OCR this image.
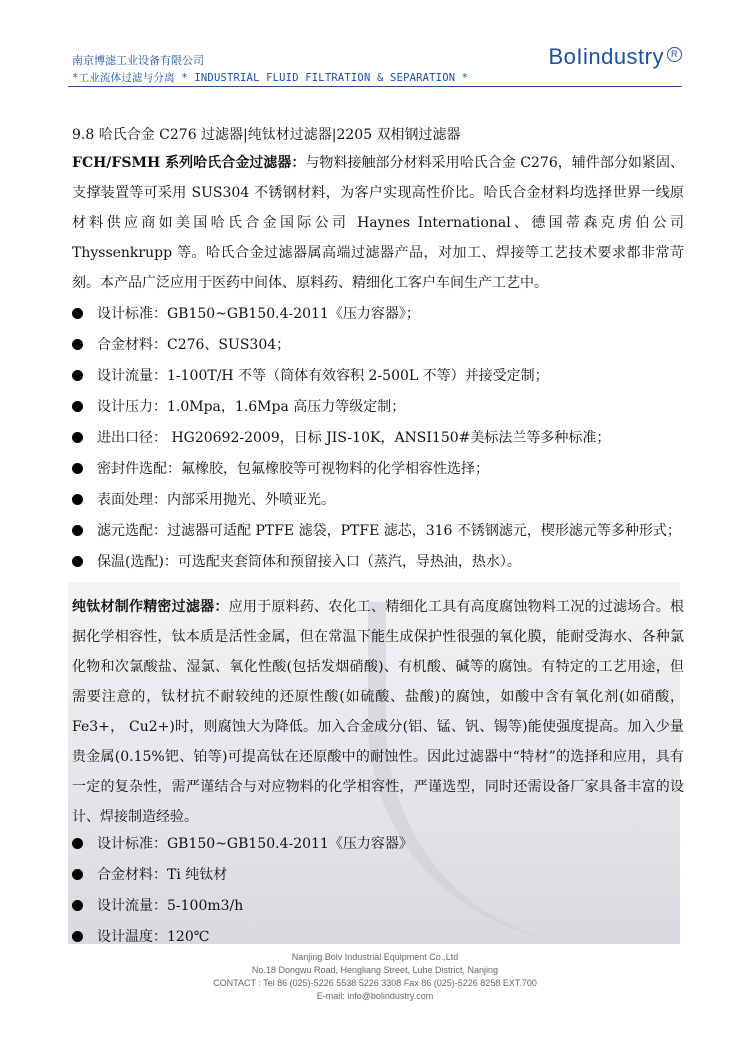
南京博滤工业设备有限公司
*工业流体过滤与分离 * INDUSTRIAL FLUID FILTRATION & SEPARATION *
BoIindustry R
9.8 哈氏合金 C276 过滤器|纯钛材过滤器|2205 双相钢过滤器
FCH/FSMH 系列哈氏合金过滤器：与物料接触部分材料采用哈氏合金 C276，辅件部分如紧固、支撑装置等可采用 SUS304 不锈钢材料，为客户实现高性价比。哈氏合金材料均选择世界一线原材料供应商如美国哈氏合金国际公司 Haynes International、德国蒂森克虏伯公司 Thyssenkrupp 等。哈氏合金过滤器属高端过滤器产品，对加工、焊接等工艺技术要求都非常苛刻。本产品广泛应用于医药中间体、原料药、精细化工客户车间生产工艺中。
设计标准：GB150~GB150.4-2011《压力容器》；
合金材料：C276、SUS304；
设计流量：1-100T/H 不等（筒体有效容积 2-500L 不等）并接受定制；
设计压力：1.0Mpa，1.6Mpa 高压力等级定制；
进出口径： HG20692-2009，日标 JIS-10K，ANSI150#美标法兰等多种标准；
密封件选配：氟橡胶，包氟橡胶等可视物料的化学相容性选择；
表面处理：内部采用抛光、外喷亚光。
滤元选配：过滤器可适配 PTFE 滤袋，PTFE 滤芯，316 不锈钢滤元，楔形滤元等多种形式；
保温(选配)：可选配夹套筒体和预留接入口（蒸汽，导热油，热水）。
纯钛材制作精密过滤器：应用于原料药、农化工、精细化工具有高度腐蚀物料工况的过滤场合。根据化学相容性，钛本质是活性金属，但在常温下能生成保护性很强的氧化膜，能耐受海水、各种氯化物和次氯酸盐、湿氯、氧化性酸(包括发烟硝酸)、有机酸、碱等的腐蚀。有特定的工艺用途，但需要注意的，钛材抗不耐较纯的还原性酸(如硫酸、盐酸)的腐蚀，如酸中含有氧化剂(如硝酸，Fe3+， Cu2+)时，则腐蚀大为降低。加入合金成分(铝、锰、钒、锡等)能使强度提高。加入少量贵金属(0.15%钯、铂等)可提高钛在还原酸中的耐蚀性。因此过滤器中“特材”的选择和应用，具有一定的复杂性，需严谨结合与对应物料的化学相容性，严谨选型，同时还需设备厂家具备丰富的设计、焊接制造经验。
设计标准：GB150~GB150.4-2011《压力容器》
合金材料：Ti 纯钛材
设计流量：5-100m3/h
设计温度：120℃
Nanjing Bolv Industrial Equipment Co.,Ltd
No.18 Dongwu Road, Hengliang Street, Luhe District, Nanjing
CONTACT : Tel 86 (025)-5226 5538 5226 3308 Fax 86 (025)-5226 8258 EXT.700
E-mail: info@bolindustry.com
